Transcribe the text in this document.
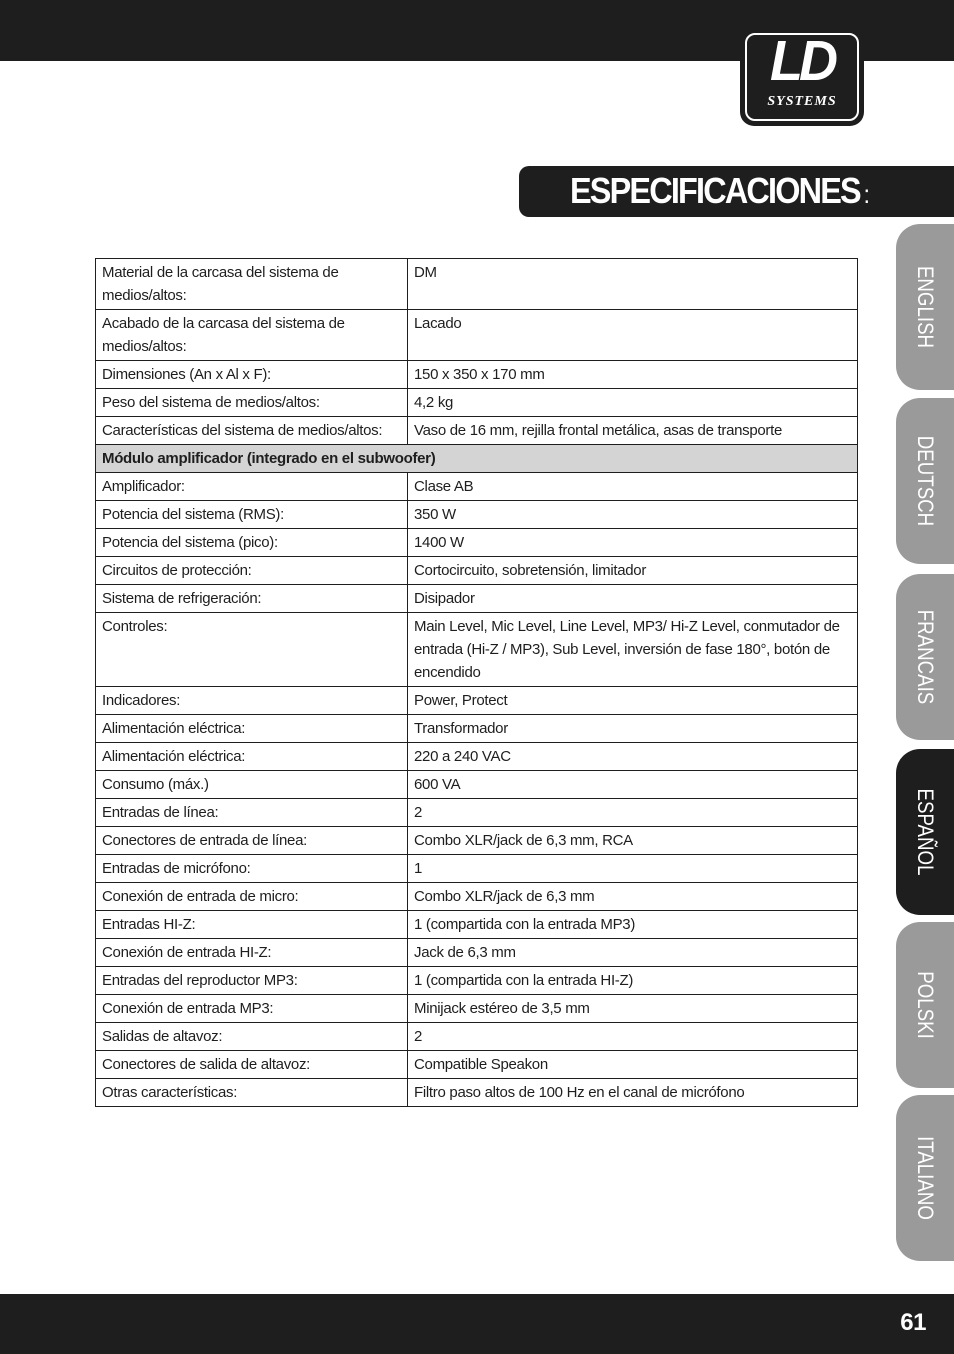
LD
SYSTEMS
ESPECIFICACIONES :
ENGLISH
DEUTSCH
FRANCAIS
ESPAÑOL
POLSKI
ITALIANO
Material de la carcasa del sistema de medios/altos:	DM
Acabado de la carcasa del sistema de medios/altos:	Lacado
Dimensiones (An x Al x F):	150 x 350 x 170 mm
Peso del sistema de medios/altos:	4,2 kg
Características del sistema de medios/altos:	Vaso de 16 mm, rejilla frontal metálica, asas de transporte
Módulo amplificador (integrado en el subwoofer)	
Amplificador:	Clase AB
Potencia del sistema (RMS):	350 W
Potencia del sistema (pico):	1400 W
Circuitos de protección:	Cortocircuito, sobretensión, limitador
Sistema de refrigeración:	Disipador
Controles:	Main Level, Mic Level, Line Level, MP3/ Hi-Z Level, conmutador de entrada (Hi-Z / MP3), Sub Level, inversión de fase 180°, botón de encendido
Indicadores:	Power, Protect
Alimentación eléctrica:	Transformador
Alimentación eléctrica:	220 a 240 VAC
Consumo (máx.)	600 VA
Entradas de línea:	2
Conectores de entrada de línea:	Combo XLR/jack de 6,3 mm, RCA
Entradas de micrófono:	1
Conexión de entrada de micro:	Combo XLR/jack de 6,3 mm
Entradas HI-Z:	1 (compartida con la entrada MP3)
Conexión de entrada HI-Z:	Jack de 6,3 mm
Entradas del reproductor MP3:	1 (compartida con la entrada HI-Z)
Conexión de entrada MP3:	Minijack estéreo de 3,5 mm
Salidas de altavoz:	2
Conectores de salida de altavoz:	Compatible Speakon
Otras características:	Filtro paso altos de 100 Hz en el canal de micrófono
61
